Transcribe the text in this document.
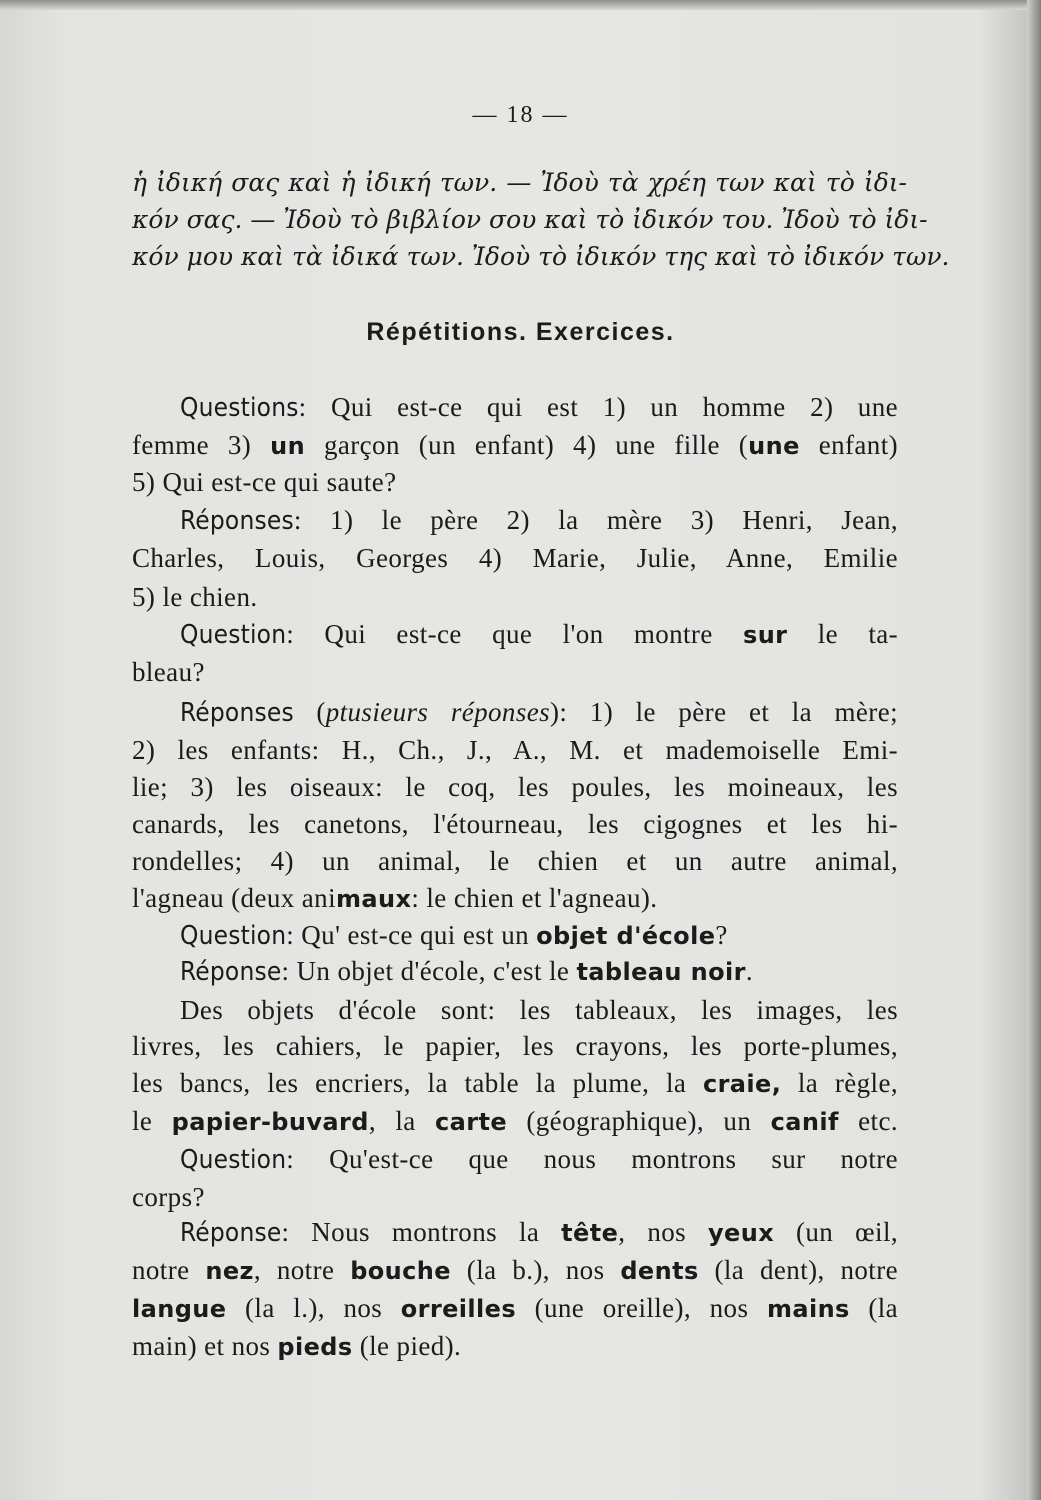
— 18 —
ἡ ἰδική σας καὶ ἡ ἰδική των. — Ἰδοὺ τὰ χρέη των καὶ τὸ ἰδι-
κόν σας. — Ἰδοὺ τὸ βιβλίον σου καὶ τὸ ἰδικόν του. Ἰδοὺ τὸ ἰδι-
κόν μου καὶ τὰ ἰδικά των. Ἰδοὺ τὸ ἰδικόν της καὶ τὸ ἰδικόν των.
Répétitions. Exercices.
Questions: Qui est-ce qui est 1) un homme 2) une
femme 3) un garçon (un enfant) 4) une fille (une enfant)
5) Qui est-ce qui saute?
Réponses: 1) le père 2) la mère 3) Henri, Jean,
Charles, Louis, Georges 4) Marie, Julie, Anne, Emilie
5) le chien.
Question: Qui est-ce que l'on montre sur le ta-
bleau?
Réponses (ptusieurs réponses): 1) le père et la mère;
2) les enfants: H., Ch., J., A., M. et mademoiselle Emi-
lie; 3) les oiseaux: le coq, les poules, les moineaux, les
canards, les canetons, l'étourneau, les cigognes et les hi-
rondelles; 4) un animal, le chien et un autre animal,
l'agneau (deux animaux: le chien et l'agneau).
Question: Qu' est-ce qui est un objet d'école?
Réponse: Un objet d'école, c'est le tableau noir.
Des objets d'école sont: les tableaux, les images, les
livres, les cahiers, le papier, les crayons, les porte-plumes,
les bancs, les encriers, la table la plume, la craie, la règle,
le papier-buvard, la carte (géographique), un canif etc.
Question: Qu'est-ce que nous montrons sur notre
corps?
Réponse: Nous montrons la tête, nos yeux (un œil,
notre nez, notre bouche (la b.), nos dents (la dent), notre
langue (la l.), nos orreilles (une oreille), nos mains (la
main) et nos pieds (le pied).
